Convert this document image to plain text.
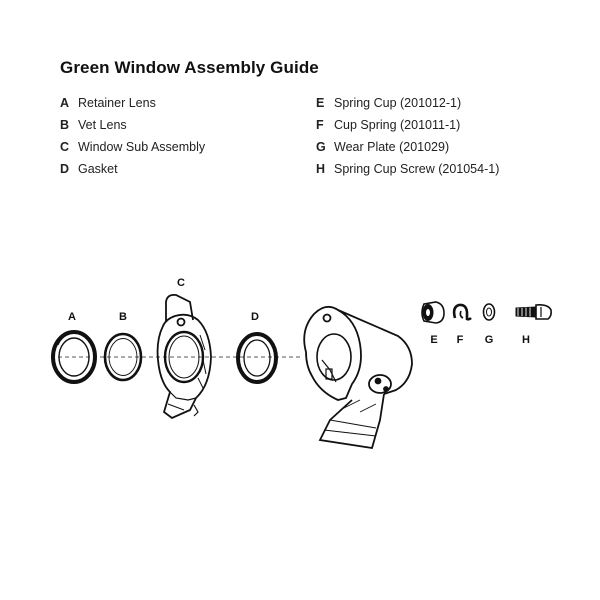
Green Window Assembly Guide
A Retainer Lens
B Vet Lens
C Window Sub Assembly
D Gasket
E Spring Cup (201012-1)
F Cup Spring (201011-1)
G Wear Plate (201029)
H Spring Cup Screw (201054-1)
A	B
C
D
E F G	H
